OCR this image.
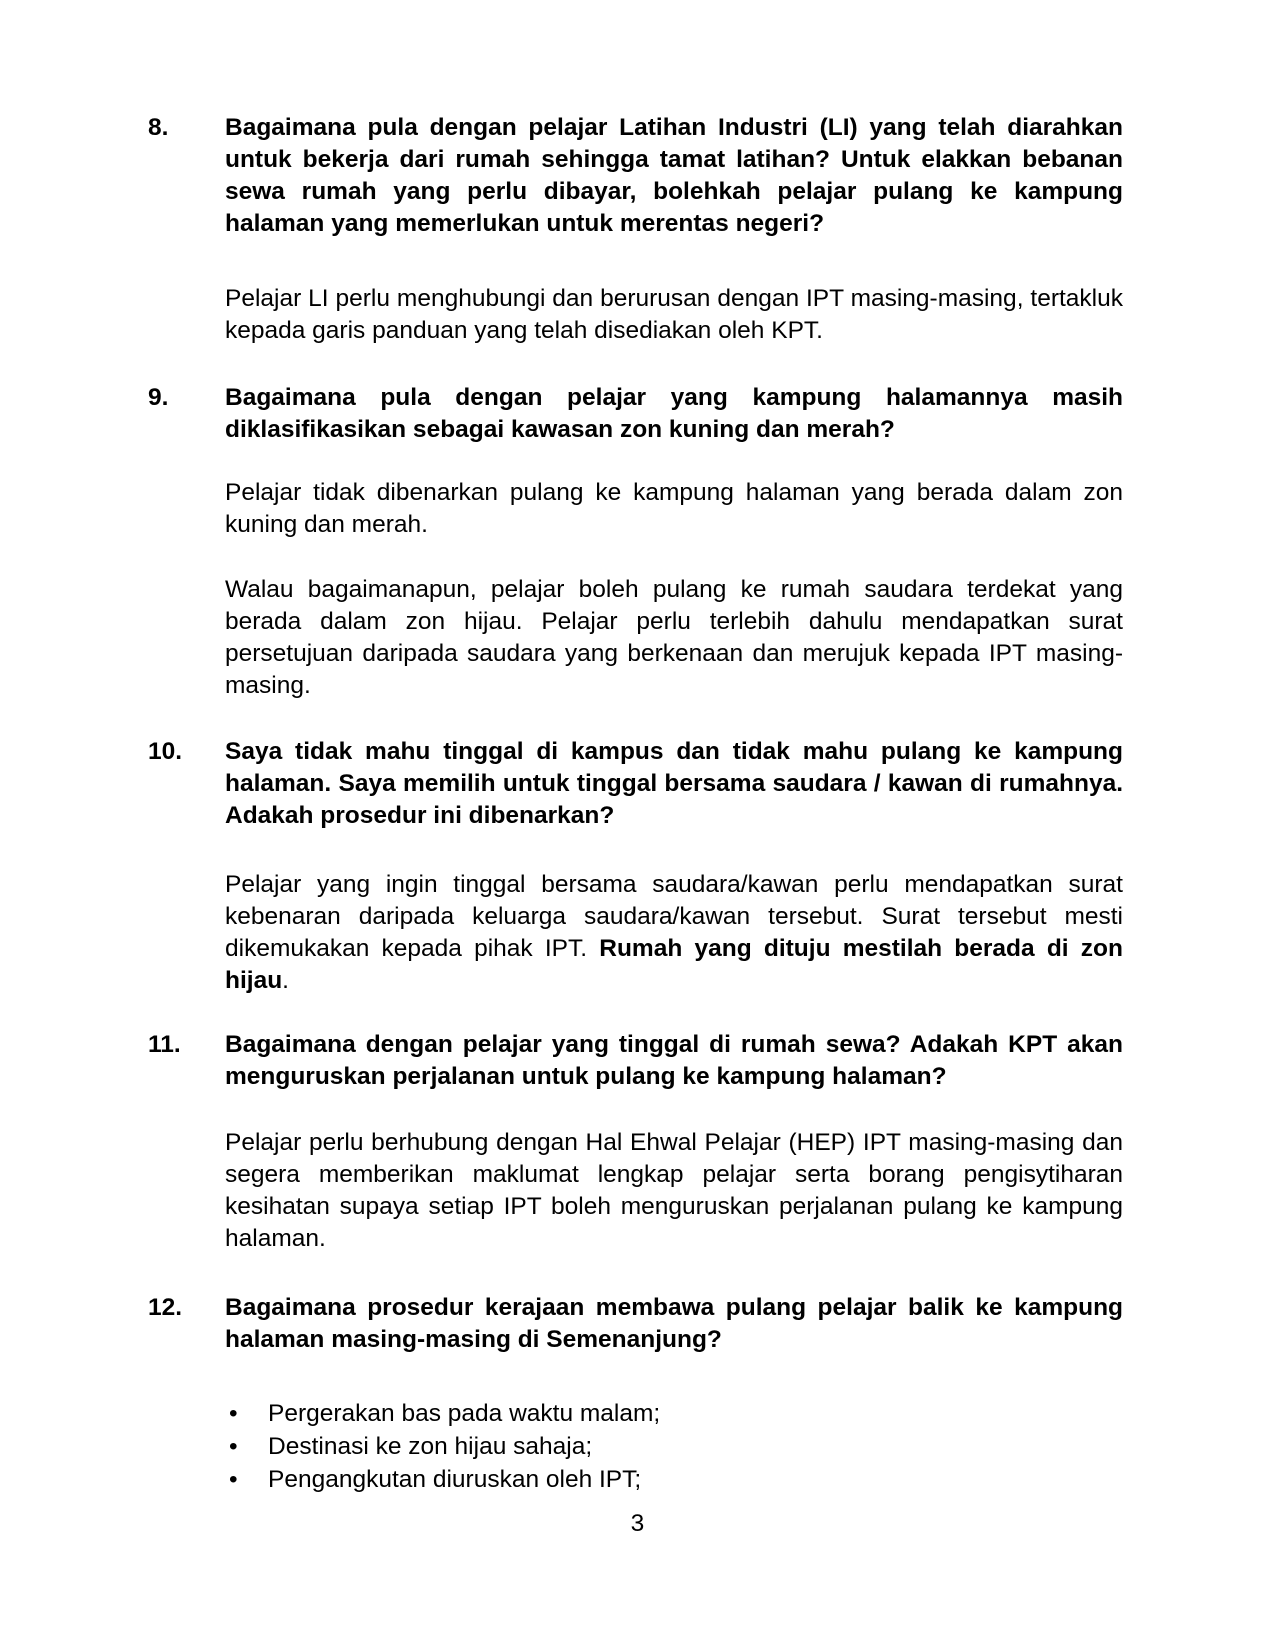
8.	Bagaimana pula dengan pelajar Latihan Industri (LI) yang telah diarahkan untuk bekerja dari rumah sehingga tamat latihan? Untuk elakkan bebanan sewa rumah yang perlu dibayar, bolehkah pelajar pulang ke kampung halaman yang memerlukan untuk merentas negeri?
Pelajar LI perlu menghubungi dan berurusan dengan IPT masing-masing, tertakluk kepada garis panduan yang telah disediakan oleh KPT.
9.	Bagaimana pula dengan pelajar yang kampung halamannya masih diklasifikasikan sebagai kawasan zon kuning dan merah?
Pelajar tidak dibenarkan pulang ke kampung halaman yang berada dalam zon kuning dan merah.
Walau bagaimanapun, pelajar boleh pulang ke rumah saudara terdekat yang berada dalam zon hijau. Pelajar perlu terlebih dahulu mendapatkan surat persetujuan daripada saudara yang berkenaan dan merujuk kepada IPT masing-masing.
10.	Saya tidak mahu tinggal di kampus dan tidak mahu pulang ke kampung halaman. Saya memilih untuk tinggal bersama saudara / kawan di rumahnya. Adakah prosedur ini dibenarkan?
Pelajar yang ingin tinggal bersama saudara/kawan perlu mendapatkan surat kebenaran daripada keluarga saudara/kawan tersebut. Surat tersebut mesti dikemukakan kepada pihak IPT. Rumah yang dituju mestilah berada di zon hijau.
11.	Bagaimana dengan pelajar yang tinggal di rumah sewa? Adakah KPT akan menguruskan perjalanan untuk pulang ke kampung halaman?
Pelajar perlu berhubung dengan Hal Ehwal Pelajar (HEP) IPT masing-masing dan segera memberikan maklumat lengkap pelajar serta borang pengisytiharan kesihatan supaya setiap IPT boleh menguruskan perjalanan pulang ke kampung halaman.
12.	Bagaimana prosedur kerajaan membawa pulang pelajar balik ke kampung halaman masing-masing di Semenanjung?
•	Pergerakan bas pada waktu malam;
•	Destinasi ke zon hijau sahaja;
•	Pengangkutan diuruskan oleh IPT;
3
